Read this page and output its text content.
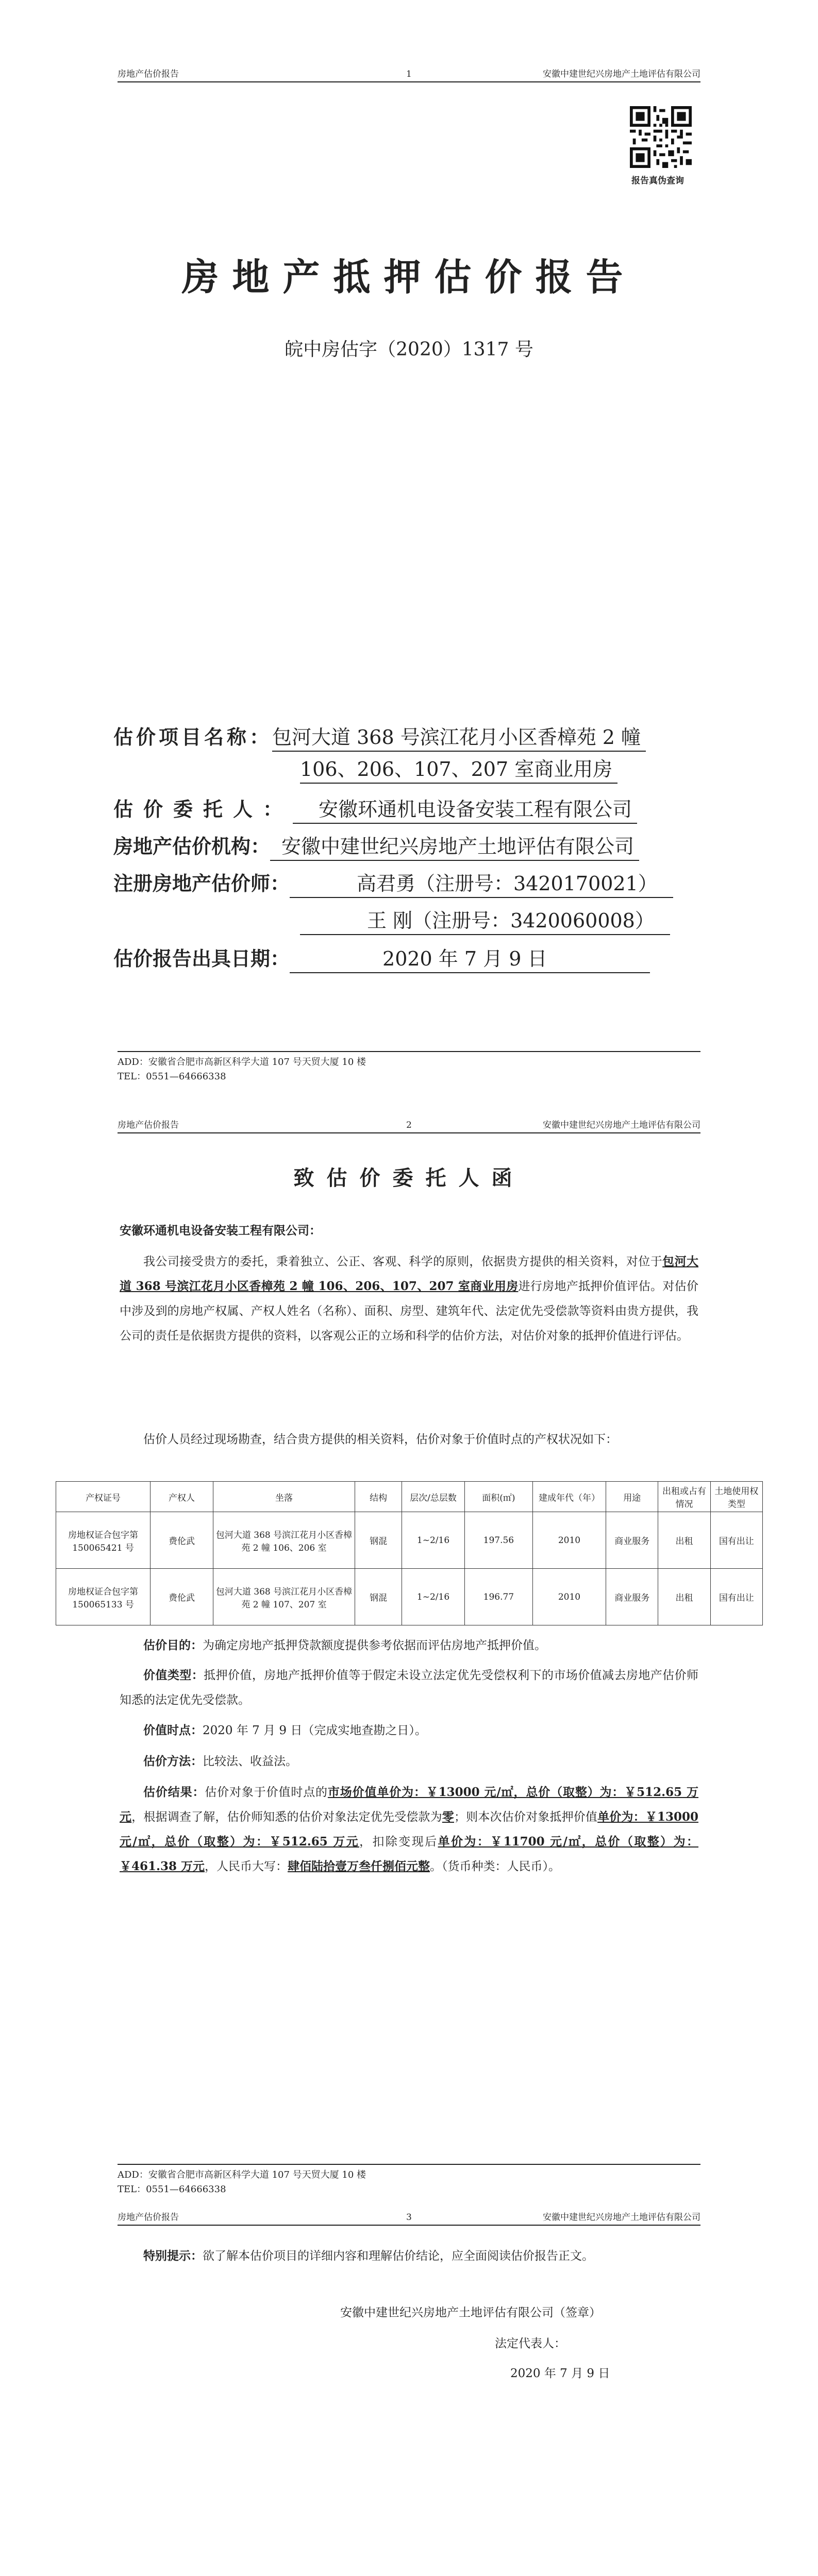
房地产估价报告	1	安徽中建世纪兴房地产土地评估有限公司
报告真伪查询
房地产抵押估价报告
皖中房估字（2020）1317 号
估价项目名称： 包河大道 368 号滨江花月小区香樟苑 2 幢
106、206、107、207 室商业用房
估价委托人：	安徽环通机电设备安装工程有限公司
房地产估价机构： 安徽中建世纪兴房地产土地评估有限公司
注册房地产估价师：	高君勇（注册号：3420170021）
王 刚（注册号：3420060008）
估价报告出具日期：	2020 年 7 月 9 日
ADD：安徽省合肥市高新区科学大道 107 号天贸大厦 10 楼
TEL：0551—64666338
房地产估价报告	2	安徽中建世纪兴房地产土地评估有限公司
致估价委托人函
安徽环通机电设备安装工程有限公司：
我公司接受贵方的委托，秉着独立、公正、客观、科学的原则，依据贵方提供的相关资料，对位于包河大道 368 号滨江花月小区香樟苑 2 幢 106、206、107、207 室商业用房进行房地产抵押价值评估。对估价中涉及到的房地产权属、产权人姓名（名称）、面积、房型、建筑年代、法定优先受偿款等资料由贵方提供，我公司的责任是依据贵方提供的资料，以客观公正的立场和科学的估价方法，对估价对象的抵押价值进行评估。
估价人员经过现场勘查，结合贵方提供的相关资料，估价对象于价值时点的产权状况如下：
产权证号	产权人	坐落	结构	层次/总层数	面积(㎡)	建成年代（年）	用途	出租或占有情况	土地使用权类型
房地权证合包字第 150065421 号	费伦武	包河大道 368 号滨江花月小区香樟苑 2 幢 106、206 室	钢混	1~2/16	197.56	2010	商业服务	出租	国有出让
房地权证合包字第 150065133 号	费伦武	包河大道 368 号滨江花月小区香樟苑 2 幢 107、207 室	钢混	1~2/16	196.77	2010	商业服务	出租	国有出让
估价目的：为确定房地产抵押贷款额度提供参考依据而评估房地产抵押价值。
价值类型：抵押价值，房地产抵押价值等于假定未设立法定优先受偿权利下的市场价值减去房地产估价师知悉的法定优先受偿款。
价值时点：2020 年 7 月 9 日（完成实地查勘之日）。
估价方法：比较法、收益法。
估价结果：估价对象于价值时点的市场价值单价为：￥13000 元/㎡，总价（取整）为：￥512.65 万元，根据调查了解，估价师知悉的估价对象法定优先受偿款为零；则本次估价对象抵押价值单价为：￥13000 元/㎡，总价（取整）为：￥512.65 万元，扣除变现后单价为：￥11700 元/㎡，总价（取整）为：￥461.38 万元，人民币大写：肆佰陆拾壹万叁仟捌佰元整。（货币种类：人民币）。
ADD：安徽省合肥市高新区科学大道 107 号天贸大厦 10 楼
TEL：0551—64666338
房地产估价报告	3	安徽中建世纪兴房地产土地评估有限公司
特别提示：欲了解本估价项目的详细内容和理解估价结论，应全面阅读估价报告正文。
安徽中建世纪兴房地产土地评估有限公司（签章）
法定代表人：
2020 年 7 月 9 日
